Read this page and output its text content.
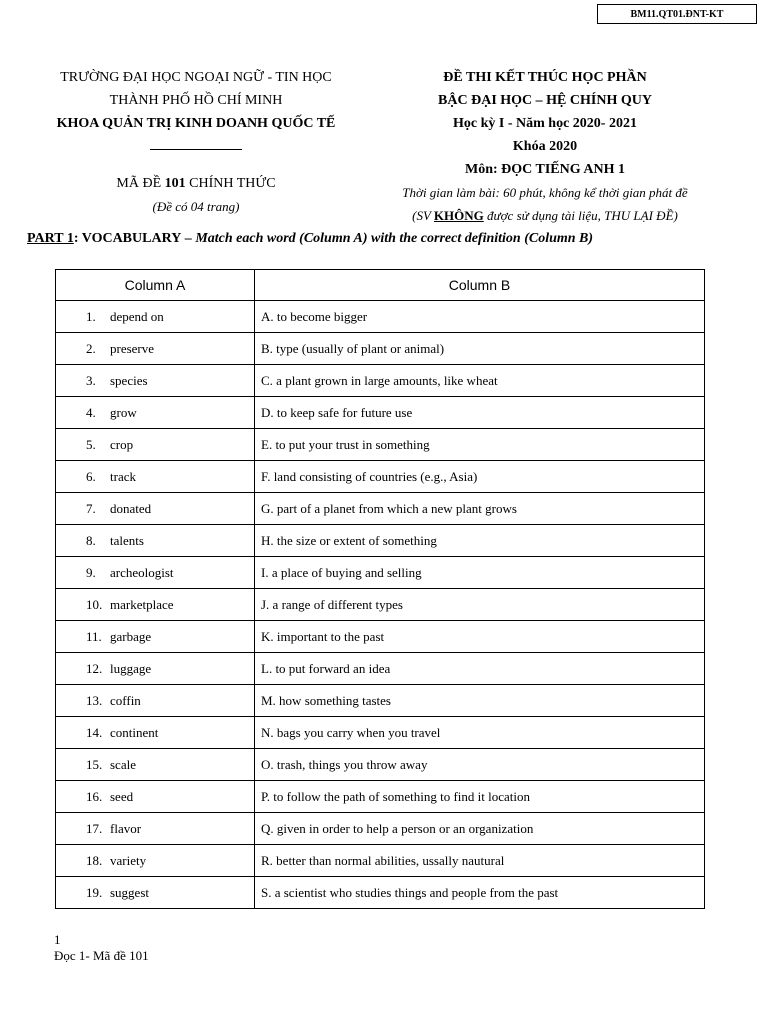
BM11.QT01.ĐNT-KT
TRƯỜNG ĐẠI HỌC NGOẠI NGỮ - TIN HỌC
THÀNH PHỐ HỒ CHÍ MINH
KHOA QUẢN TRỊ KINH DOANH QUỐC TẾ
MÃ ĐỀ 101 CHÍNH THỨC
(Đề có 04 trang)
ĐỀ THI KẾT THÚC HỌC PHẦN
BẬC ĐẠI HỌC – HỆ CHÍNH QUY
Học kỳ I - Năm học 2020- 2021
Khóa 2020
Môn: ĐỌC TIẾNG ANH 1
Thời gian làm bài: 60 phút, không kể thời gian phát đề
(SV KHÔNG được sử dụng tài liệu, THU LẠI ĐỀ)
PART 1: VOCABULARY – Match each word (Column A) with the correct definition (Column B)
Column A	Column B
1. depend on	A. to become bigger
2. preserve	B. type (usually of plant or animal)
3. species	C. a plant grown in large amounts, like wheat
4. grow	D. to keep safe for future use
5. crop	E. to put your trust in something
6. track	F. land consisting of countries (e.g., Asia)
7. donated	G. part of a planet from which a new plant grows
8. talents	H. the size or extent of something
9. archeologist	I. a place of buying and selling
10. marketplace	J. a range of different types
11. garbage	K. important to the past
12. luggage	L. to put forward an idea
13. coffin	M. how something tastes
14. continent	N. bags you carry when you travel
15. scale	O. trash, things you throw away
16. seed	P. to follow the path of something to find it location
17. flavor	Q. given in order to help a person or an organization
18. variety	R. better than normal abilities, ussally nautural
19. suggest	S. a scientist who studies things and people from the past
1
Đọc 1- Mã đề 101
